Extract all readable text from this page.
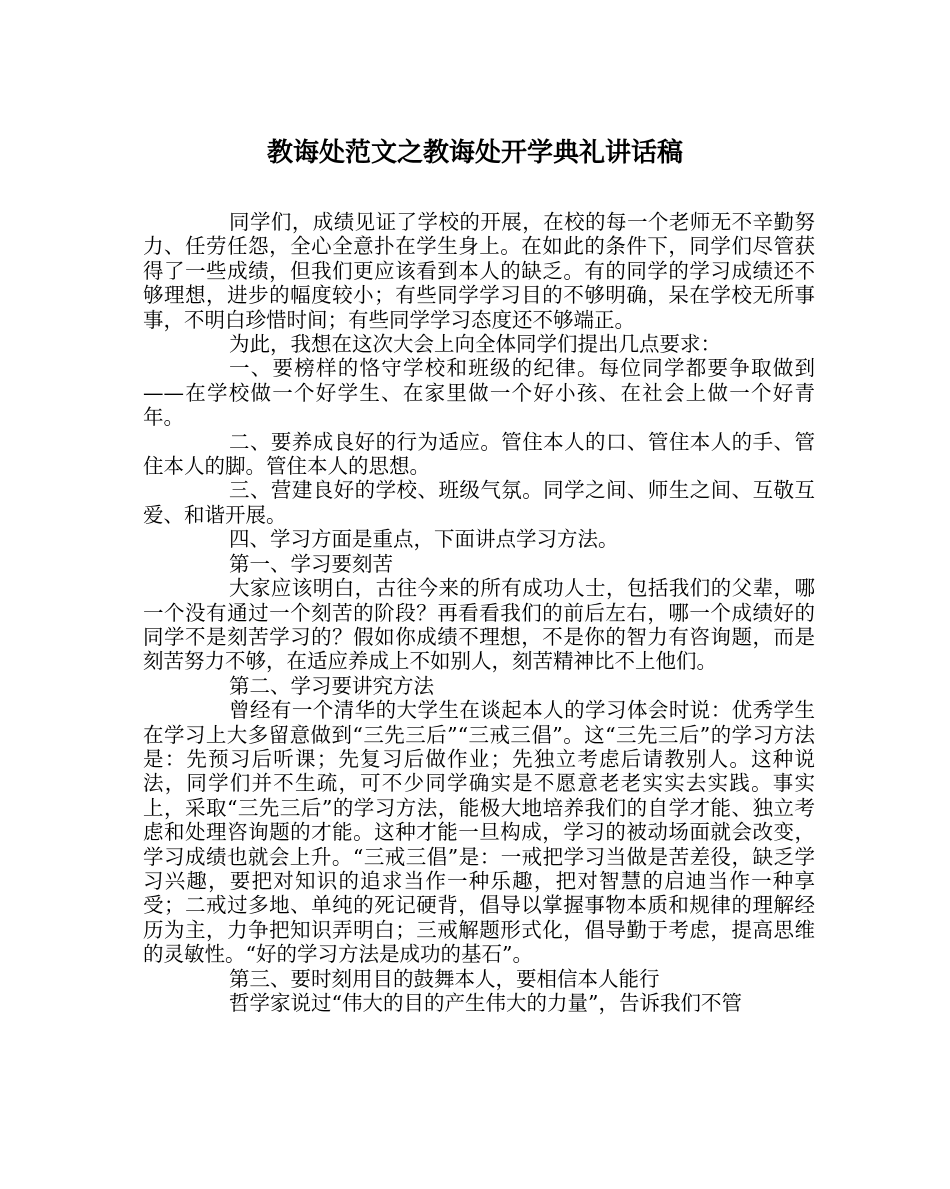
教诲处范文之教诲处开学典礼讲话稿

同学们，成绩见证了学校的开展，在校的每一个老师无不辛勤努力、任劳任怨，全心全意扑在学生身上。在如此的条件下，同学们尽管获得了一些成绩，但我们更应该看到本人的缺乏。有的同学的学习成绩还不够理想，进步的幅度较小；有些同学学习目的不够明确，呆在学校无所事事，不明白珍惜时间；有些同学学习态度还不够端正。

为此，我想在这次大会上向全体同学们提出几点要求：

一、要榜样的恪守学校和班级的纪律。每位同学都要争取做到——在学校做一个好学生、在家里做一个好小孩、在社会上做一个好青年。

二、要养成良好的行为适应。管住本人的口、管住本人的手、管住本人的脚。管住本人的思想。

三、营建良好的学校、班级气氛。同学之间、师生之间、互敬互爱、和谐开展。

四、学习方面是重点，下面讲点学习方法。

第一、学习要刻苦

大家应该明白，古往今来的所有成功人士，包括我们的父辈，哪一个没有通过一个刻苦的阶段？再看看我们的前后左右，哪一个成绩好的同学不是刻苦学习的？假如你成绩不理想，不是你的智力有咨询题，而是刻苦努力不够，在适应养成上不如别人，刻苦精神比不上他们。

第二、学习要讲究方法

曾经有一个清华的大学生在谈起本人的学习体会时说：优秀学生在学习上大多留意做到“三先三后”“三戒三倡”。这“三先三后”的学习方法是：先预习后听课；先复习后做作业；先独立考虑后请教别人。这种说法，同学们并不生疏，可不少同学确实是不愿意老老实实去实践。事实上，采取“三先三后”的学习方法，能极大地培养我们的自学才能、独立考虑和处理咨询题的才能。这种才能一旦构成，学习的被动场面就会改变，学习成绩也就会上升。“三戒三倡”是：一戒把学习当做是苦差役，缺乏学习兴趣，要把对知识的追求当作一种乐趣，把对智慧的启迪当作一种享受；二戒过多地、单纯的死记硬背，倡导以掌握事物本质和规律的理解经历为主，力争把知识弄明白；三戒解题形式化，倡导勤于考虑，提高思维的灵敏性。“好的学习方法是成功的基石”。

第三、要时刻用目的鼓舞本人，要相信本人能行

哲学家说过“伟大的目的产生伟大的力量”，告诉我们不管
